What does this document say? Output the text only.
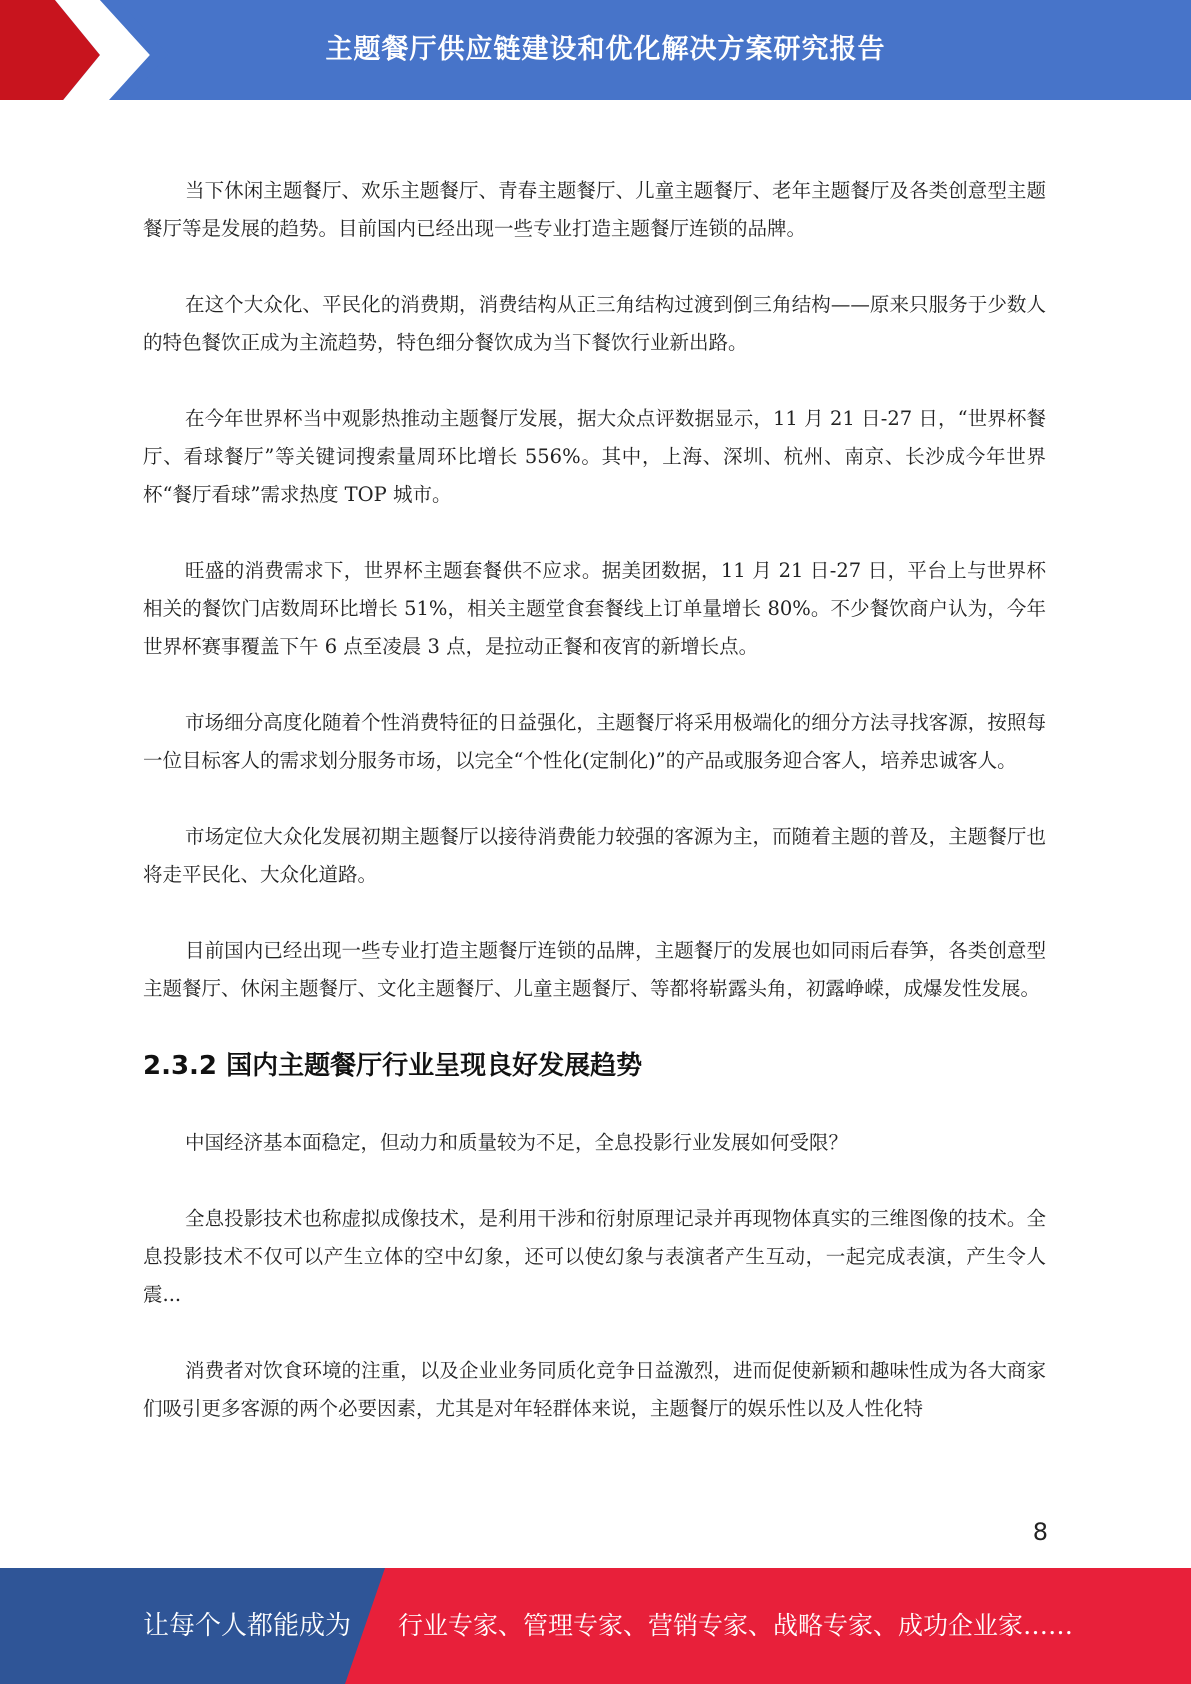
主题餐厅供应链建设和优化解决方案研究报告

当下休闲主题餐厅、欢乐主题餐厅、青春主题餐厅、儿童主题餐厅、老年主题餐厅及各类创意型主题餐厅等是发展的趋势。目前国内已经出现一些专业打造主题餐厅连锁的品牌。

在这个大众化、平民化的消费期，消费结构从正三角结构过渡到倒三角结构——原来只服务于少数人的特色餐饮正成为主流趋势，特色细分餐饮成为当下餐饮行业新出路。

在今年世界杯当中观影热推动主题餐厅发展，据大众点评数据显示，11 月 21 日-27 日，“世界杯餐厅、看球餐厅”等关键词搜索量周环比增长 556%。其中，上海、深圳、杭州、南京、长沙成今年世界杯“餐厅看球”需求热度 TOP 城市。

旺盛的消费需求下，世界杯主题套餐供不应求。据美团数据，11 月 21 日-27 日，平台上与世界杯相关的餐饮门店数周环比增长 51%，相关主题堂食套餐线上订单量增长 80%。不少餐饮商户认为，今年世界杯赛事覆盖下午 6 点至凌晨 3 点，是拉动正餐和夜宵的新增长点。

市场细分高度化随着个性消费特征的日益强化，主题餐厅将采用极端化的细分方法寻找客源，按照每一位目标客人的需求划分服务市场，以完全“个性化(定制化)”的产品或服务迎合客人，培养忠诚客人。

市场定位大众化发展初期主题餐厅以接待消费能力较强的客源为主，而随着主题的普及，主题餐厅也将走平民化、大众化道路。

目前国内已经出现一些专业打造主题餐厅连锁的品牌，主题餐厅的发展也如同雨后春笋，各类创意型主题餐厅、休闲主题餐厅、文化主题餐厅、儿童主题餐厅、等都将崭露头角，初露峥嵘，成爆发性发展。

2.3.2 国内主题餐厅行业呈现良好发展趋势

中国经济基本面稳定，但动力和质量较为不足，全息投影行业发展如何受限？

全息投影技术也称虚拟成像技术，是利用干涉和衍射原理记录并再现物体真实的三维图像的技术。全息投影技术不仅可以产生立体的空中幻象，还可以使幻象与表演者产生互动，一起完成表演，产生令人震...

消费者对饮食环境的注重，以及企业业务同质化竞争日益激烈，进而促使新颖和趣味性成为各大商家们吸引更多客源的两个必要因素，尤其是对年轻群体来说，主题餐厅的娱乐性以及人性化特

8
让每个人都能成为 行业专家、管理专家、营销专家、战略专家、成功企业家……
